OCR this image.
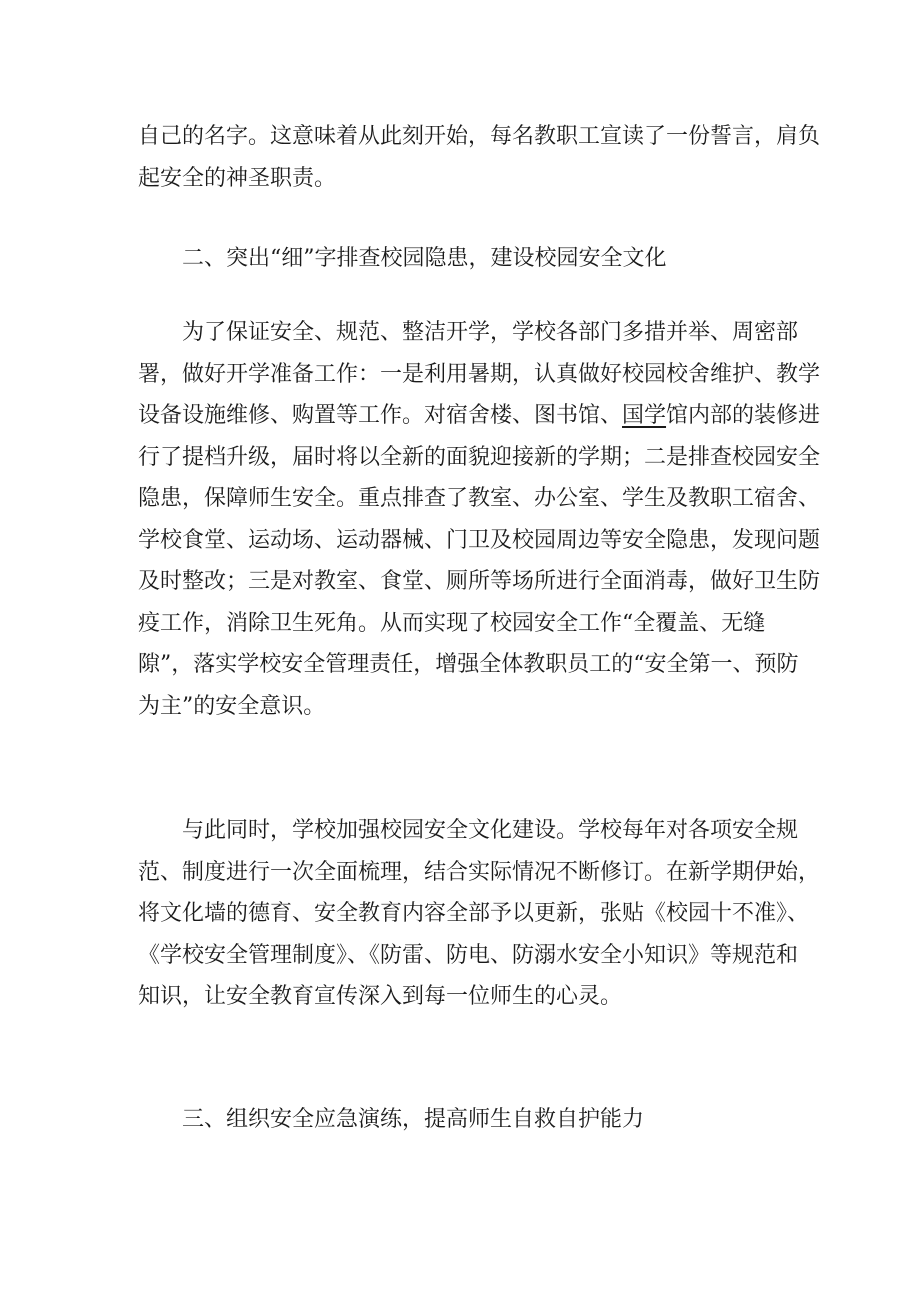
自己的名字。这意味着从此刻开始，每名教职工宣读了一份誓言，肩负
起安全的神圣职责。
二、突出“细”字排查校园隐患，建设校园安全文化
为了保证安全、规范、整洁开学，学校各部门多措并举、周密部
署，做好开学准备工作：一是利用暑期，认真做好校园校舍维护、教学
设备设施维修、购置等工作。对宿舍楼、图书馆、国学馆内部的装修进
行了提档升级，届时将以全新的面貌迎接新的学期；二是排查校园安全
隐患，保障师生安全。重点排查了教室、办公室、学生及教职工宿舍、
学校食堂、运动场、运动器械、门卫及校园周边等安全隐患，发现问题
及时整改；三是对教室、食堂、厕所等场所进行全面消毒，做好卫生防
疫工作，消除卫生死角。从而实现了校园安全工作“全覆盖、无缝
隙”，落实学校安全管理责任，增强全体教职员工的“安全第一、预防
为主”的安全意识。
与此同时，学校加强校园安全文化建设。学校每年对各项安全规
范、制度进行一次全面梳理，结合实际情况不断修订。在新学期伊始，
将文化墙的德育、安全教育内容全部予以更新，张贴《校园十不准》、
《学校安全管理制度》、《防雷、防电、防溺水安全小知识》等规范和
知识，让安全教育宣传深入到每一位师生的心灵。
三、组织安全应急演练，提高师生自救自护能力
